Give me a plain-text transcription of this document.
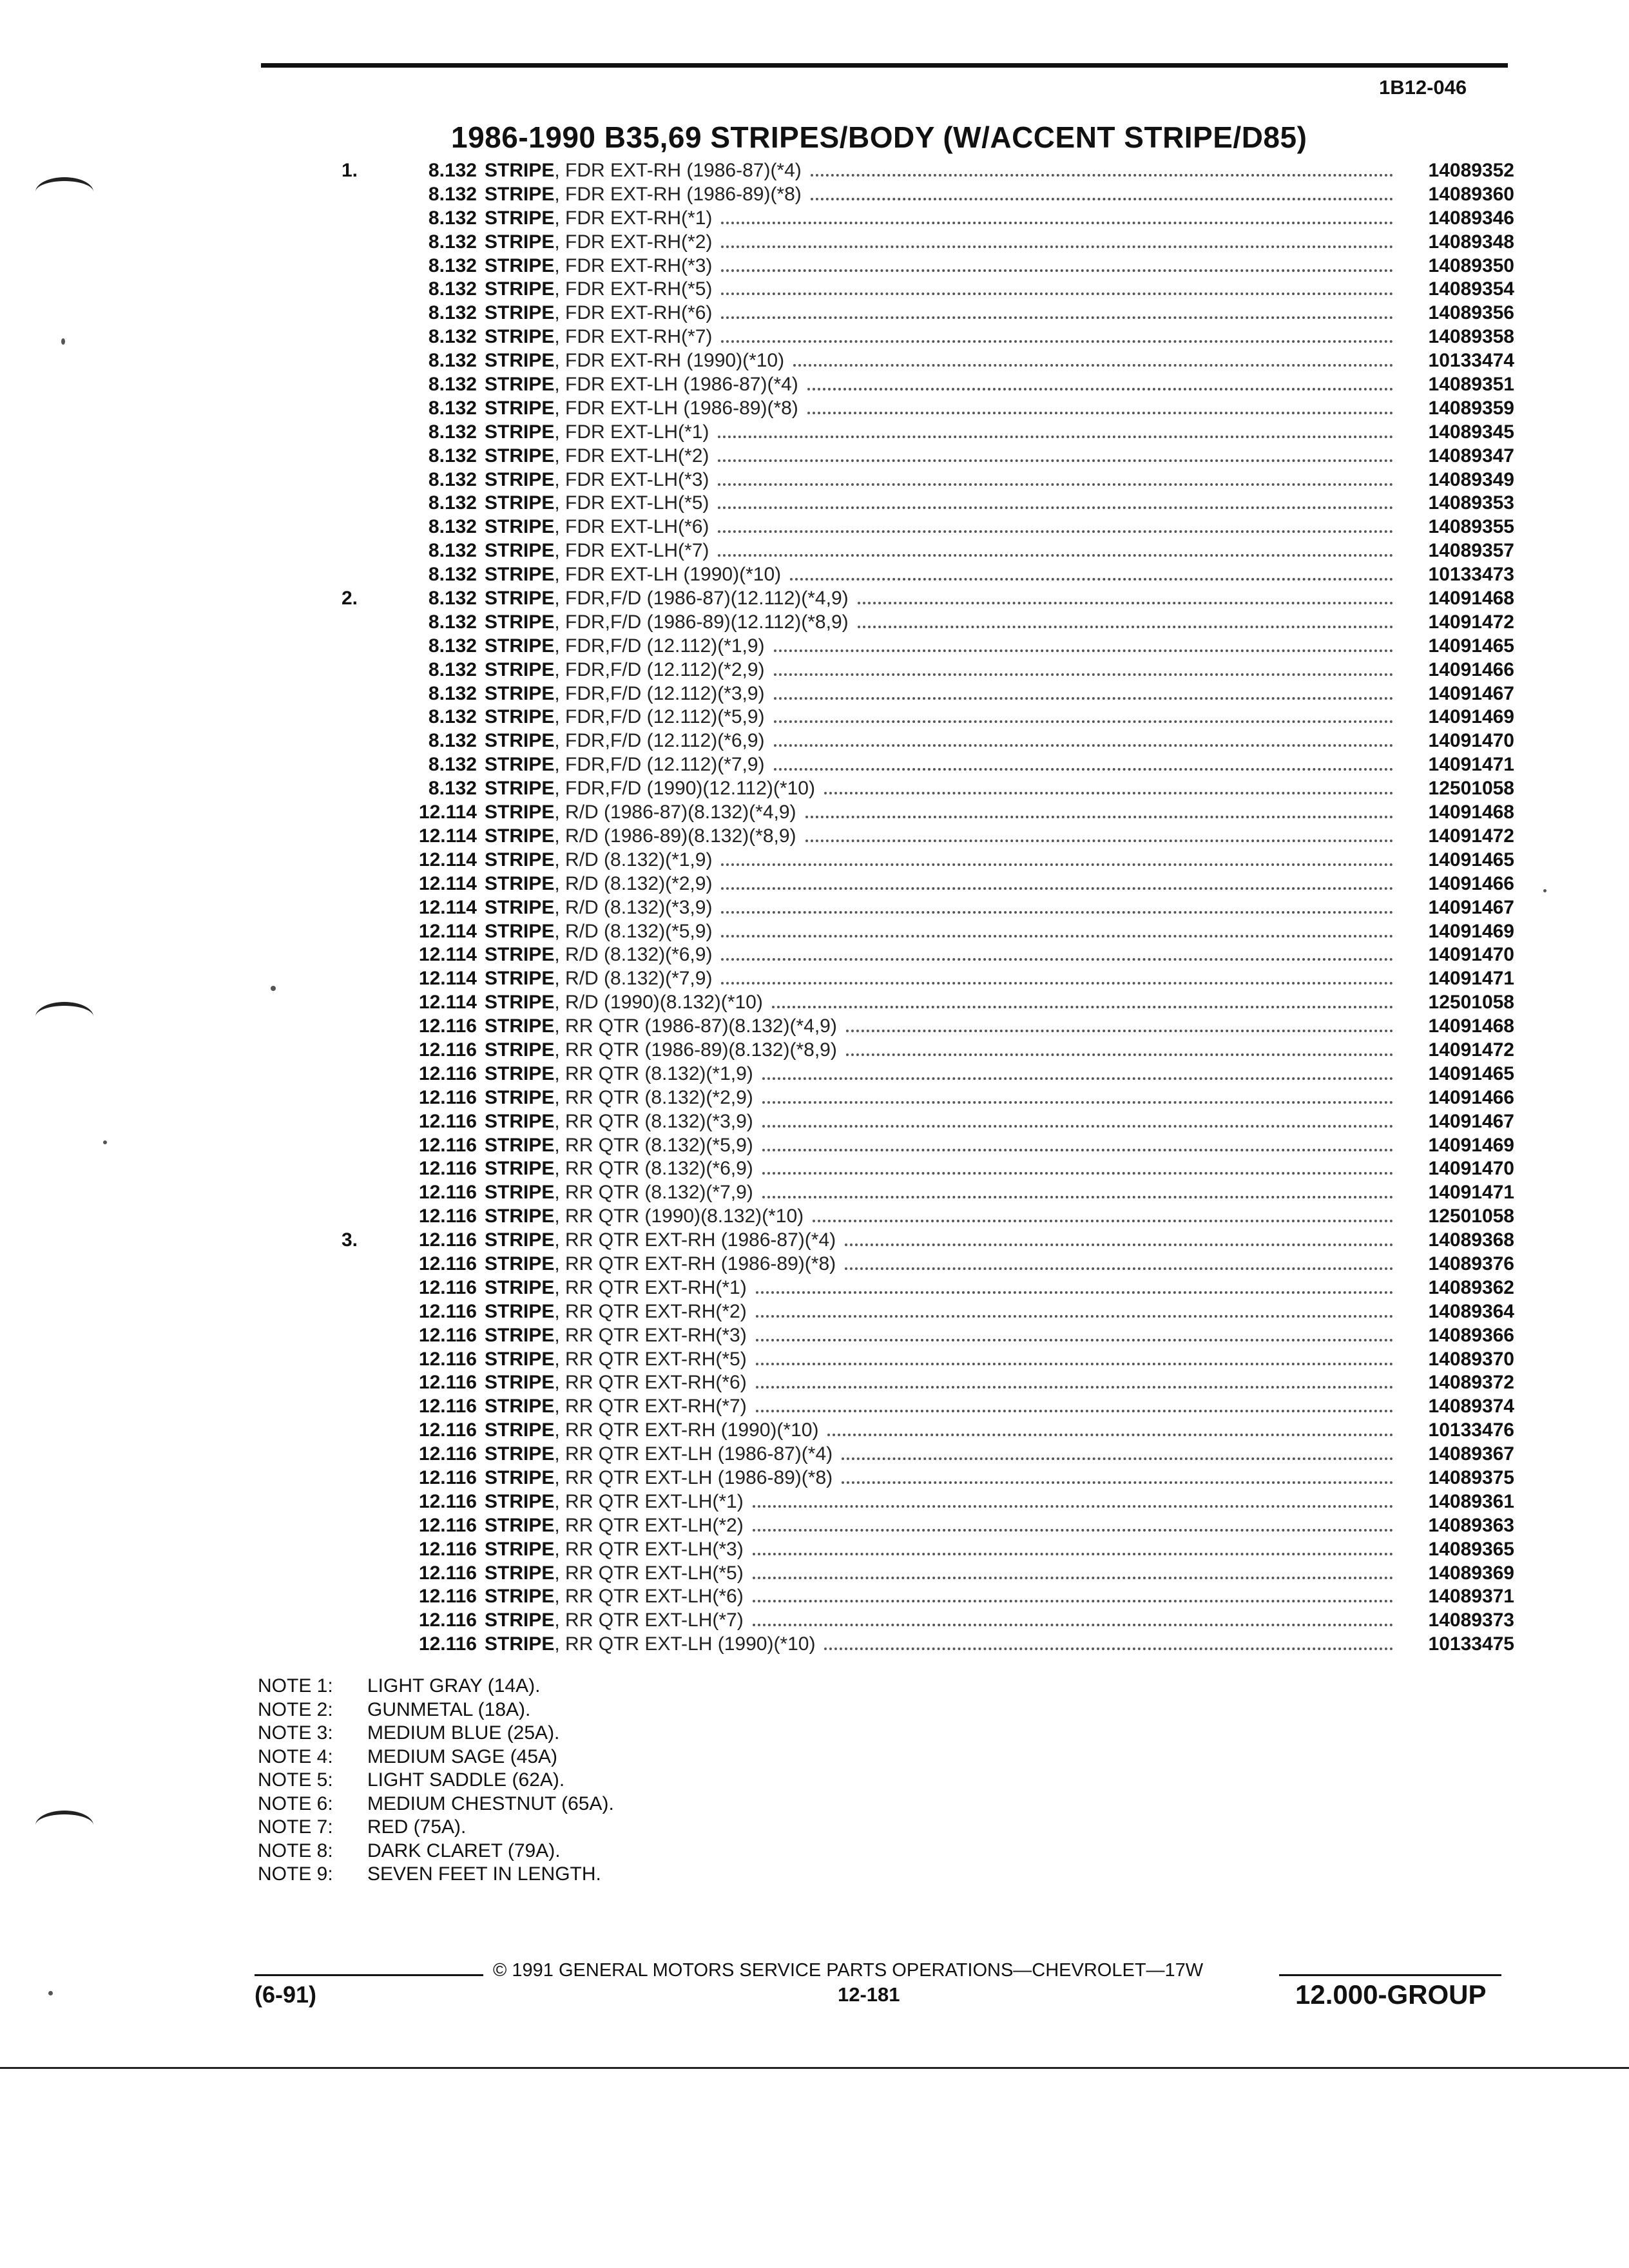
1B12-046
1986-1990 B35,69 STRIPES/BODY (W/ACCENT STRIPE/D85)
1.	8.132 STRIPE, FDR EXT-RH (1986-87)(*4)	14089352
8.132 STRIPE, FDR EXT-RH (1986-89)(*8)	14089360
8.132 STRIPE, FDR EXT-RH(*1)	14089346
8.132 STRIPE, FDR EXT-RH(*2)	14089348
8.132 STRIPE, FDR EXT-RH(*3)	14089350
8.132 STRIPE, FDR EXT-RH(*5)	14089354
8.132 STRIPE, FDR EXT-RH(*6)	14089356
8.132 STRIPE, FDR EXT-RH(*7)	14089358
8.132 STRIPE, FDR EXT-RH (1990)(*10)	10133474
8.132 STRIPE, FDR EXT-LH (1986-87)(*4)	14089351
8.132 STRIPE, FDR EXT-LH (1986-89)(*8)	14089359
8.132 STRIPE, FDR EXT-LH(*1)	14089345
8.132 STRIPE, FDR EXT-LH(*2)	14089347
8.132 STRIPE, FDR EXT-LH(*3)	14089349
8.132 STRIPE, FDR EXT-LH(*5)	14089353
8.132 STRIPE, FDR EXT-LH(*6)	14089355
8.132 STRIPE, FDR EXT-LH(*7)	14089357
8.132 STRIPE, FDR EXT-LH (1990)(*10)	10133473
2.	8.132 STRIPE, FDR,F/D (1986-87)(12.112)(*4,9)	14091468
8.132 STRIPE, FDR,F/D (1986-89)(12.112)(*8,9)	14091472
8.132 STRIPE, FDR,F/D (12.112)(*1,9)	14091465
8.132 STRIPE, FDR,F/D (12.112)(*2,9)	14091466
8.132 STRIPE, FDR,F/D (12.112)(*3,9)	14091467
8.132 STRIPE, FDR,F/D (12.112)(*5,9)	14091469
8.132 STRIPE, FDR,F/D (12.112)(*6,9)	14091470
8.132 STRIPE, FDR,F/D (12.112)(*7,9)	14091471
8.132 STRIPE, FDR,F/D (1990)(12.112)(*10)	12501058
12.114 STRIPE, R/D (1986-87)(8.132)(*4,9)	14091468
12.114 STRIPE, R/D (1986-89)(8.132)(*8,9)	14091472
12.114 STRIPE, R/D (8.132)(*1,9)	14091465
12.114 STRIPE, R/D (8.132)(*2,9)	14091466
12.114 STRIPE, R/D (8.132)(*3,9)	14091467
12.114 STRIPE, R/D (8.132)(*5,9)	14091469
12.114 STRIPE, R/D (8.132)(*6,9)	14091470
12.114 STRIPE, R/D (8.132)(*7,9)	14091471
12.114 STRIPE, R/D (1990)(8.132)(*10)	12501058
12.116 STRIPE, RR QTR (1986-87)(8.132)(*4,9)	14091468
12.116 STRIPE, RR QTR (1986-89)(8.132)(*8,9)	14091472
12.116 STRIPE, RR QTR (8.132)(*1,9)	14091465
12.116 STRIPE, RR QTR (8.132)(*2,9)	14091466
12.116 STRIPE, RR QTR (8.132)(*3,9)	14091467
12.116 STRIPE, RR QTR (8.132)(*5,9)	14091469
12.116 STRIPE, RR QTR (8.132)(*6,9)	14091470
12.116 STRIPE, RR QTR (8.132)(*7,9)	14091471
12.116 STRIPE, RR QTR (1990)(8.132)(*10)	12501058
3.	12.116 STRIPE, RR QTR EXT-RH (1986-87)(*4)	14089368
12.116 STRIPE, RR QTR EXT-RH (1986-89)(*8)	14089376
12.116 STRIPE, RR QTR EXT-RH(*1)	14089362
12.116 STRIPE, RR QTR EXT-RH(*2)	14089364
12.116 STRIPE, RR QTR EXT-RH(*3)	14089366
12.116 STRIPE, RR QTR EXT-RH(*5)	14089370
12.116 STRIPE, RR QTR EXT-RH(*6)	14089372
12.116 STRIPE, RR QTR EXT-RH(*7)	14089374
12.116 STRIPE, RR QTR EXT-RH (1990)(*10)	10133476
12.116 STRIPE, RR QTR EXT-LH (1986-87)(*4)	14089367
12.116 STRIPE, RR QTR EXT-LH (1986-89)(*8)	14089375
12.116 STRIPE, RR QTR EXT-LH(*1)	14089361
12.116 STRIPE, RR QTR EXT-LH(*2)	14089363
12.116 STRIPE, RR QTR EXT-LH(*3)	14089365
12.116 STRIPE, RR QTR EXT-LH(*5)	14089369
12.116 STRIPE, RR QTR EXT-LH(*6)	14089371
12.116 STRIPE, RR QTR EXT-LH(*7)	14089373
12.116 STRIPE, RR QTR EXT-LH (1990)(*10)	10133475
NOTE 1: LIGHT GRAY (14A).
NOTE 2: GUNMETAL (18A).
NOTE 3: MEDIUM BLUE (25A).
NOTE 4: MEDIUM SAGE (45A)
NOTE 5: LIGHT SADDLE (62A).
NOTE 6: MEDIUM CHESTNUT (65A).
NOTE 7: RED (75A).
NOTE 8: DARK CLARET (79A).
NOTE 9: SEVEN FEET IN LENGTH.
© 1991 GENERAL MOTORS SERVICE PARTS OPERATIONS—CHEVROLET—17W
(6-91)	12-181	12.000-GROUP
